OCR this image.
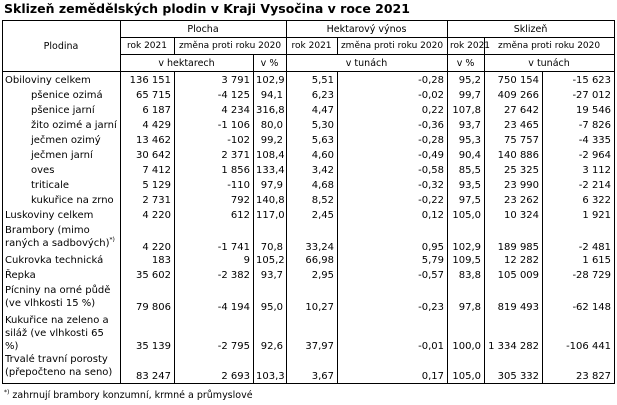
Sklizeň zemědělských plodin v Kraji Vysočina v roce 2021
Plodina	Plocha			Hektarový výnos		Sklizeň			
	rok 2021	změna proti roku 2020		rok 2021	změna proti roku 2020	rok 2021	změna proti roku 2020		
	v hektarech		v %	v tunách		v %	v tunách	
Obiloviny celkem	136 151	3 791	102,9	5,51	-0,28	95,2	750 154	-15 623	
pšenice ozimá	65 715	-4 125	94,1	6,23	-0,02	99,7	409 266	-27 012	
pšenice jarní	6 187	4 234	316,8	4,47	0,22	107,8	27 642	19 546	
žito ozimé a jarní	4 429	-1 106	80,0	5,30	-0,36	93,7	23 465	-7 826	
ječmen ozimý	13 462	-102	99,2	5,63	-0,28	95,3	75 757	-4 335	
ječmen jarní	30 642	2 371	108,4	4,60	-0,49	90,4	140 886	-2 964	
oves	7 412	1 856	133,4	3,42	-0,58	85,5	25 325	3 112	
triticale	5 129	-110	97,9	4,68	-0,32	93,5	23 990	-2 214	
kukuřice na zrno	2 731	792	140,8	8,52	-0,22	97,5	23 262	6 322	
Luskoviny celkem	4 220	612	117,0	2,45	0,12	105,0	10 324	1 921	
Brambory (mimo raných a sadbových)*)	4 220	-1 741	70,8	33,24	0,95	102,9	189 985	-2 481	
Cukrovka technická	183	9	105,2	66,98	5,79	109,5	12 282	1 615	
Řepka	35 602	-2 382	93,7	2,95	-0,57	83,8	105 009	-28 729	
Pícniny na orné půdě (ve vlhkosti 15 %)	79 806	-4 194	95,0	10,27	-0,23	97,8	819 493	-62 148	
Kukuřice na zeleno a siláž (ve vlhkosti 65 %)	35 139	-2 795	92,6	37,97	-0,01	100,0	1 334 282	-106 441	
Trvalé travní porosty (přepočteno na seno)	83 247	2 693	103,3	3,67	0,17	105,0	305 332	23 827	
*) zahrnují brambory konzumní, krmné a průmyslové
